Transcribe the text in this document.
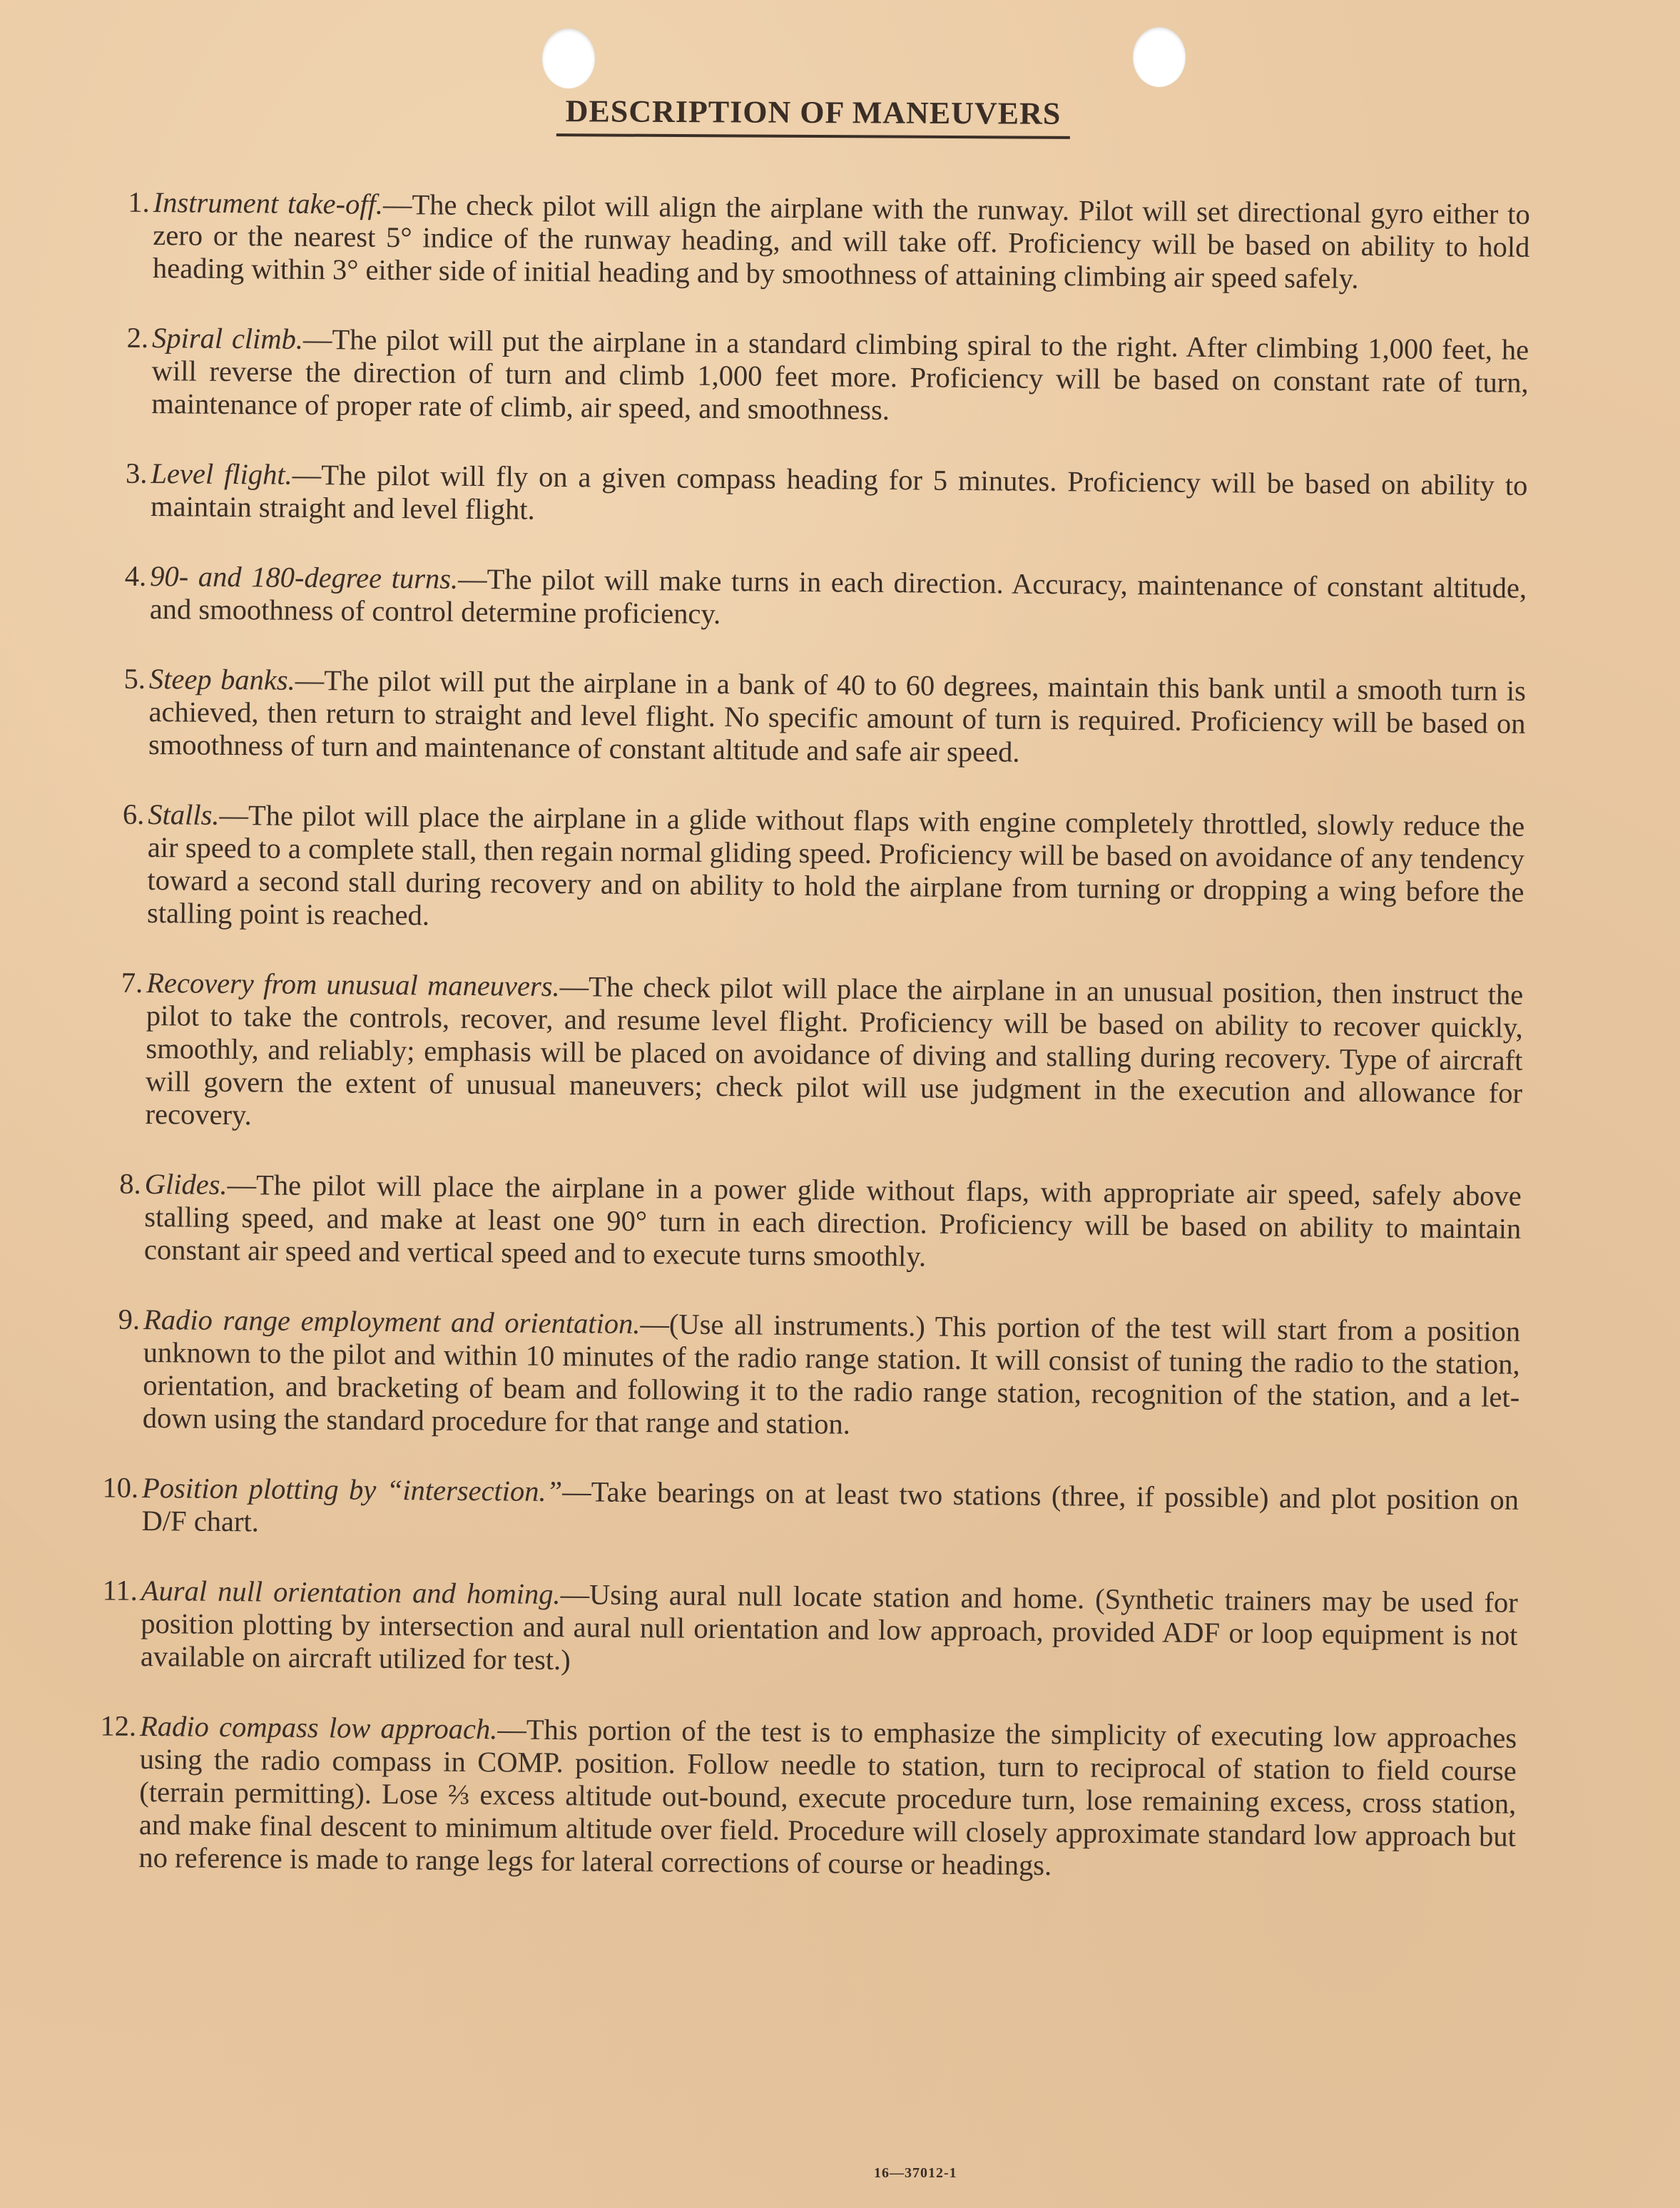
DESCRIPTION OF MANEUVERS
1. Instrument take-off.—The check pilot will align the airplane with the runway. Pilot will set directional gyro either to zero or the nearest 5° indice of the runway heading, and will take off. Proficiency will be based on ability to hold heading within 3° either side of initial heading and by smoothness of attaining climbing air speed safely.
2. Spiral climb.—The pilot will put the airplane in a standard climbing spiral to the right. After climbing 1,000 feet, he will reverse the direction of turn and climb 1,000 feet more. Proficiency will be based on constant rate of turn, maintenance of proper rate of climb, air speed, and smoothness.
3. Level flight.—The pilot will fly on a given compass heading for 5 minutes. Proficiency will be based on ability to maintain straight and level flight.
4. 90- and 180-degree turns.—The pilot will make turns in each direction. Accuracy, maintenance of constant altitude, and smoothness of control determine proficiency.
5. Steep banks.—The pilot will put the airplane in a bank of 40 to 60 degrees, maintain this bank until a smooth turn is achieved, then return to straight and level flight. No specific amount of turn is required. Proficiency will be based on smoothness of turn and maintenance of constant altitude and safe air speed.
6. Stalls.—The pilot will place the airplane in a glide without flaps with engine completely throttled, slowly reduce the air speed to a complete stall, then regain normal gliding speed. Proficiency will be based on avoidance of any tendency toward a second stall during recovery and on ability to hold the airplane from turning or dropping a wing before the stalling point is reached.
7. Recovery from unusual maneuvers.—The check pilot will place the airplane in an unusual position, then instruct the pilot to take the controls, recover, and resume level flight. Proficiency will be based on ability to recover quickly, smoothly, and reliably; emphasis will be placed on avoidance of diving and stalling during recovery. Type of aircraft will govern the extent of unusual maneuvers; check pilot will use judgment in the execution and allowance for recovery.
8. Glides.—The pilot will place the airplane in a power glide without flaps, with appropriate air speed, safely above stalling speed, and make at least one 90° turn in each direction. Proficiency will be based on ability to maintain constant air speed and vertical speed and to execute turns smoothly.
9. Radio range employment and orientation.—(Use all instruments.) This portion of the test will start from a position unknown to the pilot and within 10 minutes of the radio range station. It will consist of tuning the radio to the station, orientation, and bracketing of beam and following it to the radio range station, recognition of the station, and a let-down using the standard procedure for that range and station.
10. Position plotting by “intersection.”—Take bearings on at least two stations (three, if possible) and plot position on D/F chart.
11. Aural null orientation and homing.—Using aural null locate station and home. (Synthetic trainers may be used for position plotting by intersection and aural null orientation and low approach, provided ADF or loop equipment is not available on aircraft utilized for test.)
12. Radio compass low approach.—This portion of the test is to emphasize the simplicity of executing low approaches using the radio compass in COMP. position. Follow needle to station, turn to reciprocal of station to field course (terrain permitting). Lose ⅔ excess altitude out-bound, execute procedure turn, lose remaining excess, cross station, and make final descent to minimum altitude over field. Procedure will closely approximate standard low approach but no reference is made to range legs for lateral corrections of course or headings.
16—37012-1
